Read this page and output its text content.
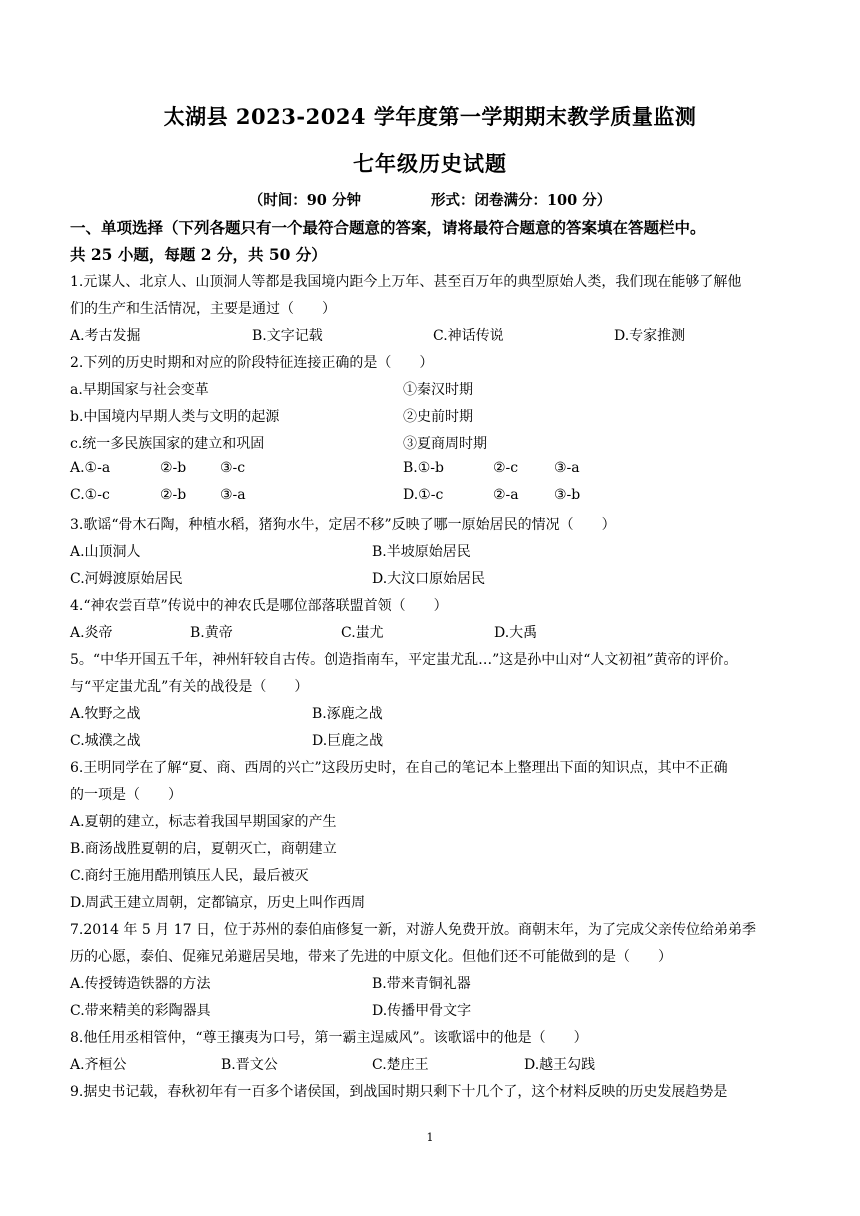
太湖县 2023-2024 学年度第一学期期末教学质量监测
七年级历史试题
（时间：90 分钟	形式：闭卷满分：100 分）
一、单项选择（下列各题只有一个最符合题意的答案，请将最符合题意的答案填在答题栏中。
共 25 小题，每题 2 分，共 50 分）
1.元谋人、北京人、山顶洞人等都是我国境内距今上万年、甚至百万年的典型原始人类，我们现在能够了解他
们的生产和生活情况，主要是通过（　　）
A.考古发掘	B.文字记载	C.神话传说	D.专家推测
2.下列的历史时期和对应的阶段特征连接正确的是（　　）
a.早期国家与社会变革	①秦汉时期
b.中国境内早期人类与文明的起源	②史前时期
c.统一多民族国家的建立和巩固	③夏商周时期
A.①-a	②-b ③-c	B.①-b	②-c	③-a
C.①-c	②-b ③-a	D.①-c	②-a	③-b
3.歌谣“骨木石陶，种植水稻，猪狗水牛，定居不移”反映了哪一原始居民的情况（　　）
A.山顶洞人	B.半坡原始居民
C.河姆渡原始居民	D.大汶口原始居民
4.“神农尝百草”传说中的神农氏是哪位部落联盟首领（　　）
A.炎帝	B.黄帝	C.蚩尤	D.大禹
5。“中华开国五千年，神州轩较自古传。创造指南车，平定蚩尤乱…”这是孙中山对“人文初祖”黄帝的评价。
与“平定蚩尤乱”有关的战役是（　　）
A.牧野之战	B.涿鹿之战
C.城濮之战	D.巨鹿之战
6.王明同学在了解“夏、商、西周的兴亡”这段历史时，在自己的笔记本上整理出下面的知识点，其中不正确
的一项是（　　）
A.夏朝的建立，标志着我国早期国家的产生
B.商汤战胜夏朝的启，夏朝灭亡，商朝建立
C.商纣王施用酷刑镇压人民，最后被灭
D.周武王建立周朝，定都镐京，历史上叫作西周
7.2014 年 5 月 17 日，位于苏州的泰伯庙修复一新，对游人免费开放。商朝末年，为了完成父亲传位给弟弟季
历的心愿，泰伯、促雍兄弟避居吴地，带来了先进的中原文化。但他们还不可能做到的是（　　）
A.传授铸造铁器的方法	B.带来青铜礼器
C.带来精美的彩陶器具	D.传播甲骨文字
8.他任用丞相管仲，“尊王攘夷为口号，第一霸主逞威风”。该歌谣中的他是（　　）
A.齐桓公	B.晋文公	C.楚庄王	D.越王勾践
9.据史书记载，春秋初年有一百多个诸侯国，到战国时期只剩下十几个了，这个材料反映的历史发展趋势是
1
